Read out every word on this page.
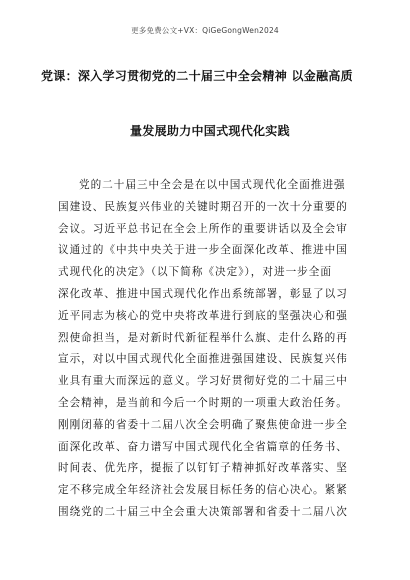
更多免费公文+VX：QiGeGongWen2024
党课：深入学习贯彻党的二十届三中全会精神 以金融高质
量发展助力中国式现代化实践
党的二十届三中全会是在以中国式现代化全面推进强
国建设、民族复兴伟业的关键时期召开的一次十分重要的
会议。习近平总书记在全会上所作的重要讲话以及全会审
议通过的《中共中央关于进一步全面深化改革、推进中国
式现代化的决定》（以下简称《决定》），对进一步全面
深化改革、推进中国式现代化作出系统部署，彰显了以习
近平同志为核心的党中央将改革进行到底的坚强决心和强
烈使命担当，是对新时代新征程举什么旗、走什么路的再
宣示，对以中国式现代化全面推进强国建设、民族复兴伟
业具有重大而深远的意义。学习好贯彻好党的二十届三中
全会精神，是当前和今后一个时期的一项重大政治任务。
刚刚闭幕的省委十二届八次全会明确了聚焦使命进一步全
面深化改革、奋力谱写中国式现代化全省篇章的任务书、
时间表、优先序，提振了以钉钉子精神抓好改革落实、坚
定不移完成全年经济社会发展目标任务的信心决心。紧紧
围绕党的二十届三中全会重大决策部署和省委十二届八次
